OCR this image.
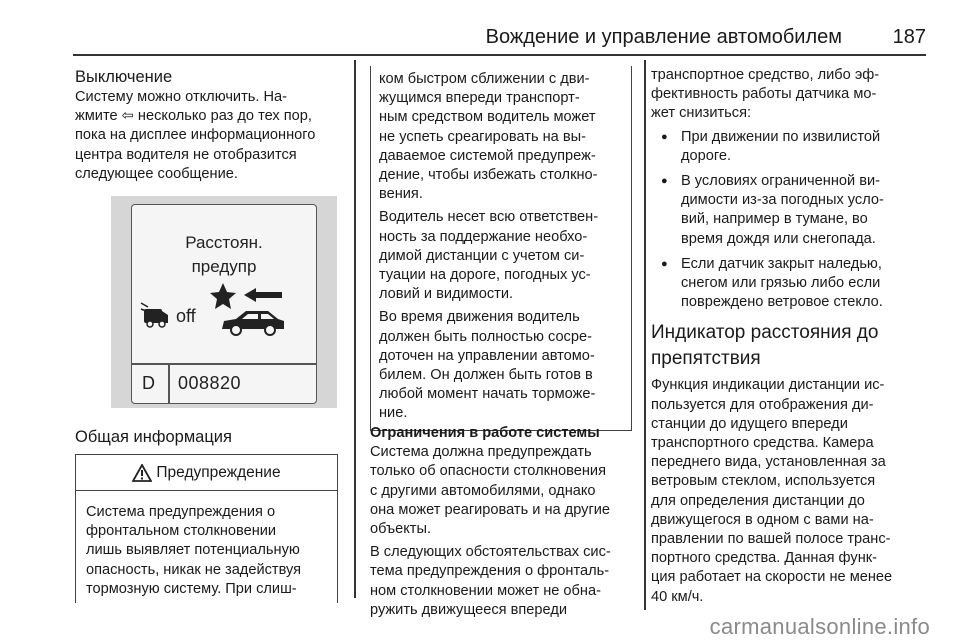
Вождение и управление автомобилем	187
Выключение
Систему можно отключить. На-
жмите ⇦ несколько раз до тех пор,
пока на дисплее информационного
центра водителя не отобразится
следующее сообщение.
Расстоян.
предупр
off
D 008820
Общая информация
Предупреждение
Система предупреждения о
фронтальном столкновении
лишь выявляет потенциальную
опасность, никак не задействуя
тормозную систему. При слиш-

ком быстром сближении с дви-
жущимся впереди транспорт-
ным средством водитель может
не успеть среагировать на вы-
даваемое системой предупреж-
дение, чтобы избежать столкно-
вения.

Водитель несет всю ответствен-
ность за поддержание необхо-
димой дистанции с учетом си-
туации на дороге, погодных ус-
ловий и видимости.

Во время движения водитель
должен быть полностью сосре-
доточен на управлении автомо-
билем. Он должен быть готов в
любой момент начать торможе-
ние.

Ограничения в работе системы

Система должна предупреждать
только об опасности столкновения
с другими автомобилями, однако
она может реагировать и на другие
объекты.

В следующих обстоятельствах сис-
тема предупреждения о фронталь-
ном столкновении может не обна-
ружить движущееся впереди

транспортное средство, либо эф-
фективность работы датчика мо-
жет снизиться:
● При движении по извилистой
дороге.
● В условиях ограниченной ви-
димости из-за погодных усло-
вий, например в тумане, во
время дождя или снегопада.
● Если датчик закрыт наледью,
снегом или грязью либо если
повреждено ветровое стекло.
Индикатор расстояния до
препятствия
Функция индикации дистанции ис-
пользуется для отображения ди-
станции до идущего впереди
транспортного средства. Камера
переднего вида, установленная за
ветровым стеклом, используется
для определения дистанции до
движущегося в одном с вами на-
правлении по вашей полосе транс-
портного средства. Данная функ-
ция работает на скорости не менее
40 км/ч.
carmanualsonline.info
